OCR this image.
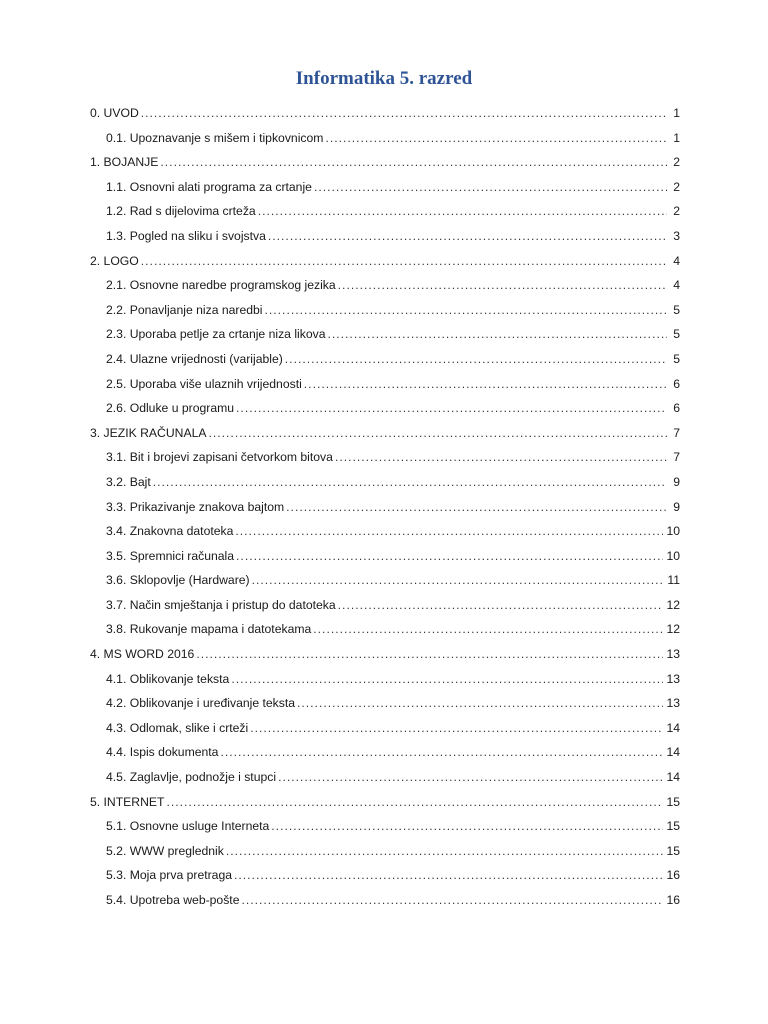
Informatika 5. razred
0. UVOD .....	1
0.1. Upoznavanje s mišem i tipkovnicom .....	1
1. BOJANJE .....	2
1.1. Osnovni alati programa za crtanje .....	2
1.2. Rad s dijelovima crteža .....	2
1.3. Pogled na sliku i svojstva .....	3
2. LOGO .....	4
2.1. Osnovne naredbe programskog jezika .....	4
2.2. Ponavljanje niza naredbi .....	5
2.3. Uporaba petlje za crtanje niza likova .....	5
2.4. Ulazne vrijednosti (varijable) .....	5
2.5. Uporaba više ulaznih vrijednosti .....	6
2.6. Odluke u programu .....	6
3. JEZIK RAČUNALA .....	7
3.1. Bit i brojevi zapisani četvorkom bitova .....	7
3.2. Bajt .....	9
3.3. Prikazivanje znakova bajtom .....	9
3.4. Znakovna datoteka .....	10
3.5. Spremnici računala .....	10
3.6. Sklopovlje (Hardware) .....	11
3.7. Način smještanja i pristup do datoteka .....	12
3.8. Rukovanje mapama i datotekama .....	12
4. MS WORD 2016 .....	13
4.1. Oblikovanje teksta .....	13
4.2. Oblikovanje i uređivanje teksta .....	13
4.3. Odlomak, slike i crteži .....	14
4.4. Ispis dokumenta .....	14
4.5. Zaglavlje, podnožje i stupci .....	14
5. INTERNET .....	15
5.1. Osnovne usluge Interneta .....	15
5.2. WWW preglednik .....	15
5.3. Moja prva pretraga .....	16
5.4. Upotreba web-pošte .....	16
